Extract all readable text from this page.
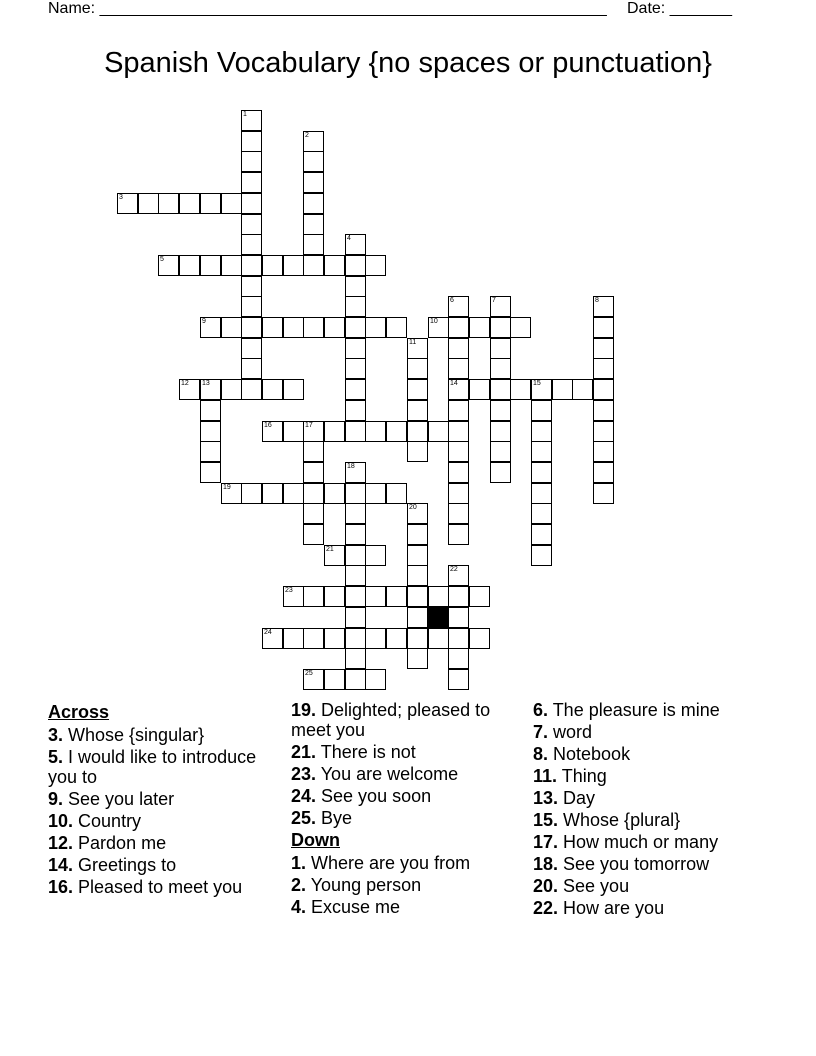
Name: _________________________________________________________ Date: _______
Spanish Vocabulary {no spaces or punctuation}
1
2
3
4
5
6
14
7	8
9	10
11
12 13	15
16	17
18
19
20
21
22
23
24
25
Across
3. Whose {singular}
5. I would like to introduce you to
9. See you later
10. Country
12. Pardon me
14. Greetings to
16. Pleased to meet you
19. Delighted; pleased to meet you
21. There is not
23. You are welcome
24. See you soon
25. Bye
Down
1. Where are you from
2. Young person
4. Excuse me
6. The pleasure is mine
7. word
8. Notebook
11. Thing
13. Day
15. Whose {plural}
17. How much or many
18. See you tomorrow
20. See you
22. How are you
